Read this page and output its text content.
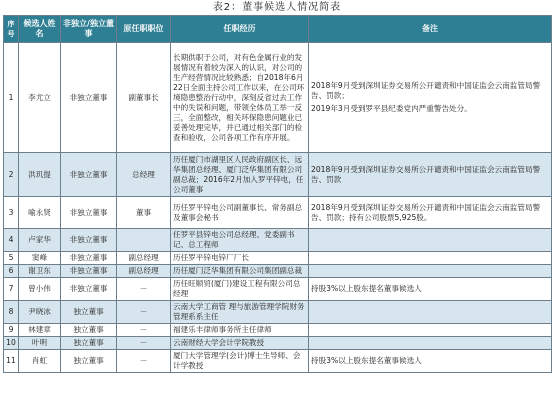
表2：董事候选人情况简表
序号	候选人姓名	非独立/独立董事	原任职职位	任职经历	备注
1	李尤立	非独立董事	副董事长	长期供职于公司，对有色金属行业的发展情况有着较为深入的认识，对公司的生产经营情况比较熟悉；自2018年6月22日全面主持公司工作以来，在公司环境隐患整治行动中，深刻反省过去工作中的失误和问题，带领全体员工举一反三，全面整改，相关环保隐患问题业已妥善处理完毕，并已通过相关部门的检查和验收，公司各项工作有序开展。	2018年9月受到深圳证券交易所公开谴责和中国证监会云南监管局警告、罚款；

2019年3月受到罗平县纪委党内严重警告处分。

2	洪玑提	非独立董事	总经理	历任厦门市湖里区人民政府副区长、远华集团总经理、厦门泛华集团有限公司副总裁；2016年2月加入罗平锌电，任公司董事	2018年9月受到深圳证券交易所公开谴责和中国证监会云南监管局警告、罚款

3	喻永贤	非独立董事	董事	历任罗平锌电公司副董事长、常务副总及董事会秘书	2018年9月受到深圳证券交易所公开谴责和中国证监会云南监管局警告、罚款；持有公司股票5,925股。

4	卢家华	非独立董事		任罗平县锌电公司总经理、党委副书记、总工程师	
5	窦峰	非独立董事	副总经理	历任罗平锌电锌厂厂长	
6	谢卫东	非独立董事	副总经理	历任厦门泛华集团有限公司集团副总裁	
7	曾小伟	非独立董事	－	历任旺顺贸(厦门)建设工程有限公司总经理	持股3%以上股东提名董事候选人

8	尹晓冰	独立董事	－	云南大学工商管 理与旅游管理学院财务管理系系主任	
9	林建章	独立董事	－	福建乐丰律师事务所主任律师	
10	叶明	独立董事	－	云南财经大学会计学院教授	
11	肖虹	独立董事	－	厦门大学管理学(会计)博士生导师、会计学教授	持股3%以上股东提名董事候选人
